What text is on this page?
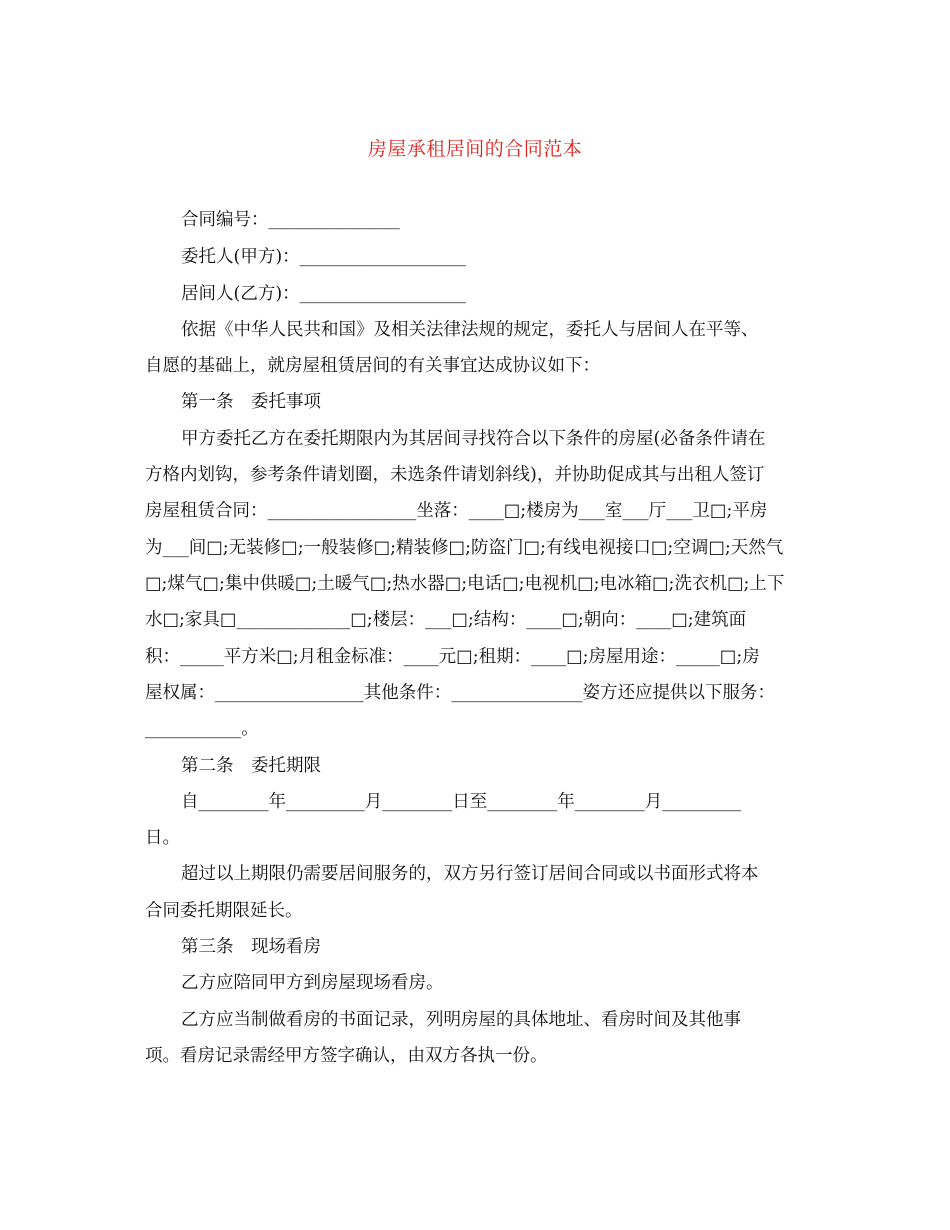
房屋承租居间的合同范本
合同编号：_______________
委托人(甲方)：___________________
居间人(乙方)：___________________
依据《中华人民共和国》及相关法律法规的规定，委托人与居间人在平等、
自愿的基础上，就房屋租赁居间的有关事宜达成协议如下：
第一条　委托事项
甲方委托乙方在委托期限内为其居间寻找符合以下条件的房屋(必备条件请在
方格内划钩，参考条件请划圈，未选条件请划斜线)，并协助促成其与出租人签订
房屋租赁合同：_________________坐落：____□;楼房为___室___厅___卫□;平房
为___间□;无装修□;一般装修□;精装修□;防盗门□;有线电视接口□;空调□;天然气
□;煤气□;集中供暖□;土暖气□;热水器□;电话□;电视机□;电冰箱□;洗衣机□;上下
水□;家具□_____________□;楼层：___□;结构：____□;朝向：____□;建筑面
积：_____平方米□;月租金标准：____元□;租期：____□;房屋用途：_____□;房
屋权属：_________________其他条件：_______________姿方还应提供以下服务：
___________。
第二条　委托期限
自________年_________月________日至________年________月_________
日。
超过以上期限仍需要居间服务的，双方另行签订居间合同或以书面形式将本
合同委托期限延长。
第三条　现场看房
乙方应陪同甲方到房屋现场看房。
乙方应当制做看房的书面记录，列明房屋的具体地址、看房时间及其他事
项。看房记录需经甲方签字确认，由双方各执一份。
